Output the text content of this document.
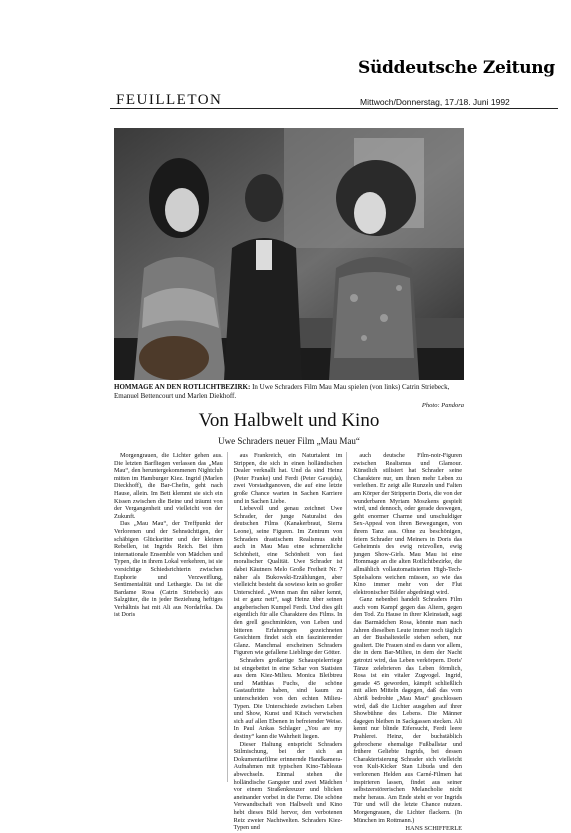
Süddeutsche Zeitung
FEUILLETON	Mittwoch/Donnerstag, 17./18. Juni 1992
HOMMAGE AN DEN ROTLICHTBEZIRK: In Uwe Schraders Film Mau Mau spielen (von links) Catrin Striebeck, Emanuel Bettencourt und Marlen Diekhoff.
Photo: Pandora
Von Halbwelt und Kino
Uwe Schraders neuer Film „Mau Mau“

Morgengrauen, die Lichter gehen aus. Die letzten Barfliegen verlassen das „Mau Mau“, den heruntergekommenen Nightclub mitten im Hamburger Kiez. Ingrid (Marlen Dieckhoff), die Bar-Chefin, geht nach Hause, allein. Im Bett klemmt sie sich ein Kissen zwischen die Beine und träumt von der Vergangenheit und vielleicht von der Zukunft.

Das „Mau Mau“, der Treffpunkt der Verlorenen und der Sehnsüchtigen, der schäbigen Glücksritter und der kleinen Rebellen, ist Ingrids Reich. Bei ihm internationale Ensemble von Mädchen und Typen, die in ihrem Lokal verkehren, ist sie vorsichtige Schiedsrichterin zwischen Euphorie und Verzweiflung, Sentimentalität und Lethargie. Da ist die Bardame Rosa (Catrin Striebeck) aus Salzgitter, die in jeder Beziehung heftiges Verhältnis hat mit Ali aus Nordafrika. Da ist Doris

aus Frankreich, ein Naturtalent im Strippen, die sich in einen holländischen Dealer verknallt hat. Und da sind Heinz (Peter Franke) und Ferdi (Peter Gavajda), zwei Vorstadtganoven, die auf eine letzte große Chance warten in Sachen Karriere und in Sachen Liebe.

Liebevoll und genau zeichnet Uwe Schrader, der junge Naturalist des deutschen Films (Kanakerbraut, Sierra Leone), seine Figuren. Im Zentrum von Schraders drastischem Realismus steht auch in Mau Mau eine schmerzliche Schönheit, eine Schönheit von fast moralischer Qualität. Uwe Schrader ist dabei Käutners Melo Große Freiheit Nr. 7 näher als Bukowski-Erzählungen, aber vielleicht besteht da sowieso kein so großer Unterschied. „Wenn man ihn näher kennt, ist er ganz nett“, sagt Heinz über seinen angeberischen Kumpel Ferdi. Und dies gilt eigentlich für alle Charaktere des Films. In den grell geschminkten, von Leben und bitteren Erfahrungen gezeichneten Gesichtern findet sich ein faszinierender Glanz. Manchmal erscheinen Schraders Figuren wie gefallene Lieblinge der Götter.

Schraders großartige Schauspielerriege ist eingebettet in eine Schar von Statisten aus dem Kiez-Milieu. Monica Bleibtreu und Matthias Fuchs, die schöne Gastauftritte haben, sind kaum zu unterscheiden von den echten Milieu-Typen. Die Unterschiede zwischen Leben und Show, Kunst und Kitsch verwischen sich auf allen Ebenen in befreiender Weise. In Paul Ankas Schlager „You are my destiny“ kann die Wahrheit liegen.

Dieser Haltung entspricht Schraders Stilmischung, bei der sich an Dokumentarfilme erinnernde Handkamera-Aufnahmen mit typischen Kino-Tableaus abwechseln. Einmal stehen die holländische Gangster und zwei Mädchen vor einem Straßenkreuzer und blicken aneinander vorbei in die Ferne. Die schöne Verwandtschaft von Halbwelt und Kino hebt dieses Bild hervor, den verbotenen Reiz zweier Nachtwelten. Schraders Kiez-Typen und

auch deutsche Film-noir-Figuren zwischen Realismus und Glamour. Künstlich stilisiert hat Schrader seine Charaktere nur, um ihnen mehr Leben zu verleihen. Er zeigt alle Runzeln und Falten am Körper der Stripperin Doris, die von der wunderbaren Myriam Moszkens gespielt wird, und dennoch, oder gerade deswegen, geht enormer Charme und unschuldiger Sex-Appeal von ihren Bewegungen, von ihrem Tanz aus. Ohne zu beschönigen, feiern Schrader und Meiners in Doris das Geheimnis des ewig reizvollen, ewig jungen Show-Girls. Mau Mau ist eine Hommage an die alten Rotlichtbezirke, die allmählich vollautomatisierten High-Tech-Spielsalons weichen müssen, so wie das Kino immer mehr von der Flut elektronischer Bilder abgedrängt wird.

Ganz nebenbei handelt Schraders Film auch vom Kampf gegen das Altern, gegen den Tod. Zu Hause in ihrer Kleinstadt, sagt das Barmädchen Rosa, könnte man nach Jahren dieselben Leute immer noch täglich an der Bushaltestelle stehen sehen, nur gealtert. Die Frauen sind es dann vor allem, die in dem Bar-Milieu, in dem der Nacht getrotzt wird, das Leben verkörpern. Doris' Tänze zelebrieren das Leben förmlich, Rosa ist ein vitaler Zugvogel. Ingrid, gerade 45 geworden, kämpft schließlich mit allen Mitteln dagegen, daß das vom Abriß bedrohte „Mau Mau“ geschlossen wird, daß die Lichter ausgehen auf ihrer Showbühne des Lebens. Die Männer dagegen bleiben in Sackgassen stecken. Ali kennt nur blinde Eifersucht, Ferdi leere Prahlerei. Heinz, der buchstäblich gebrochene ehemalige Fußballstar und frühere Geliebte Ingrids, bei dessen Charakterisierung Schrader sich vielleicht von Kult-Kicker Stan Libuda und den verlorenen Helden aus Carné-Filmen hat inspirieren lassen, findet aus seiner selbstzerstörerischen Melancholie nicht mehr heraus. Am Ende steht er vor Ingrids Tür und will die letzte Chance nutzen. Morgengrauen, die Lichter flackern. (In München im Rottmann.)

HANS SCHIFFERLE
